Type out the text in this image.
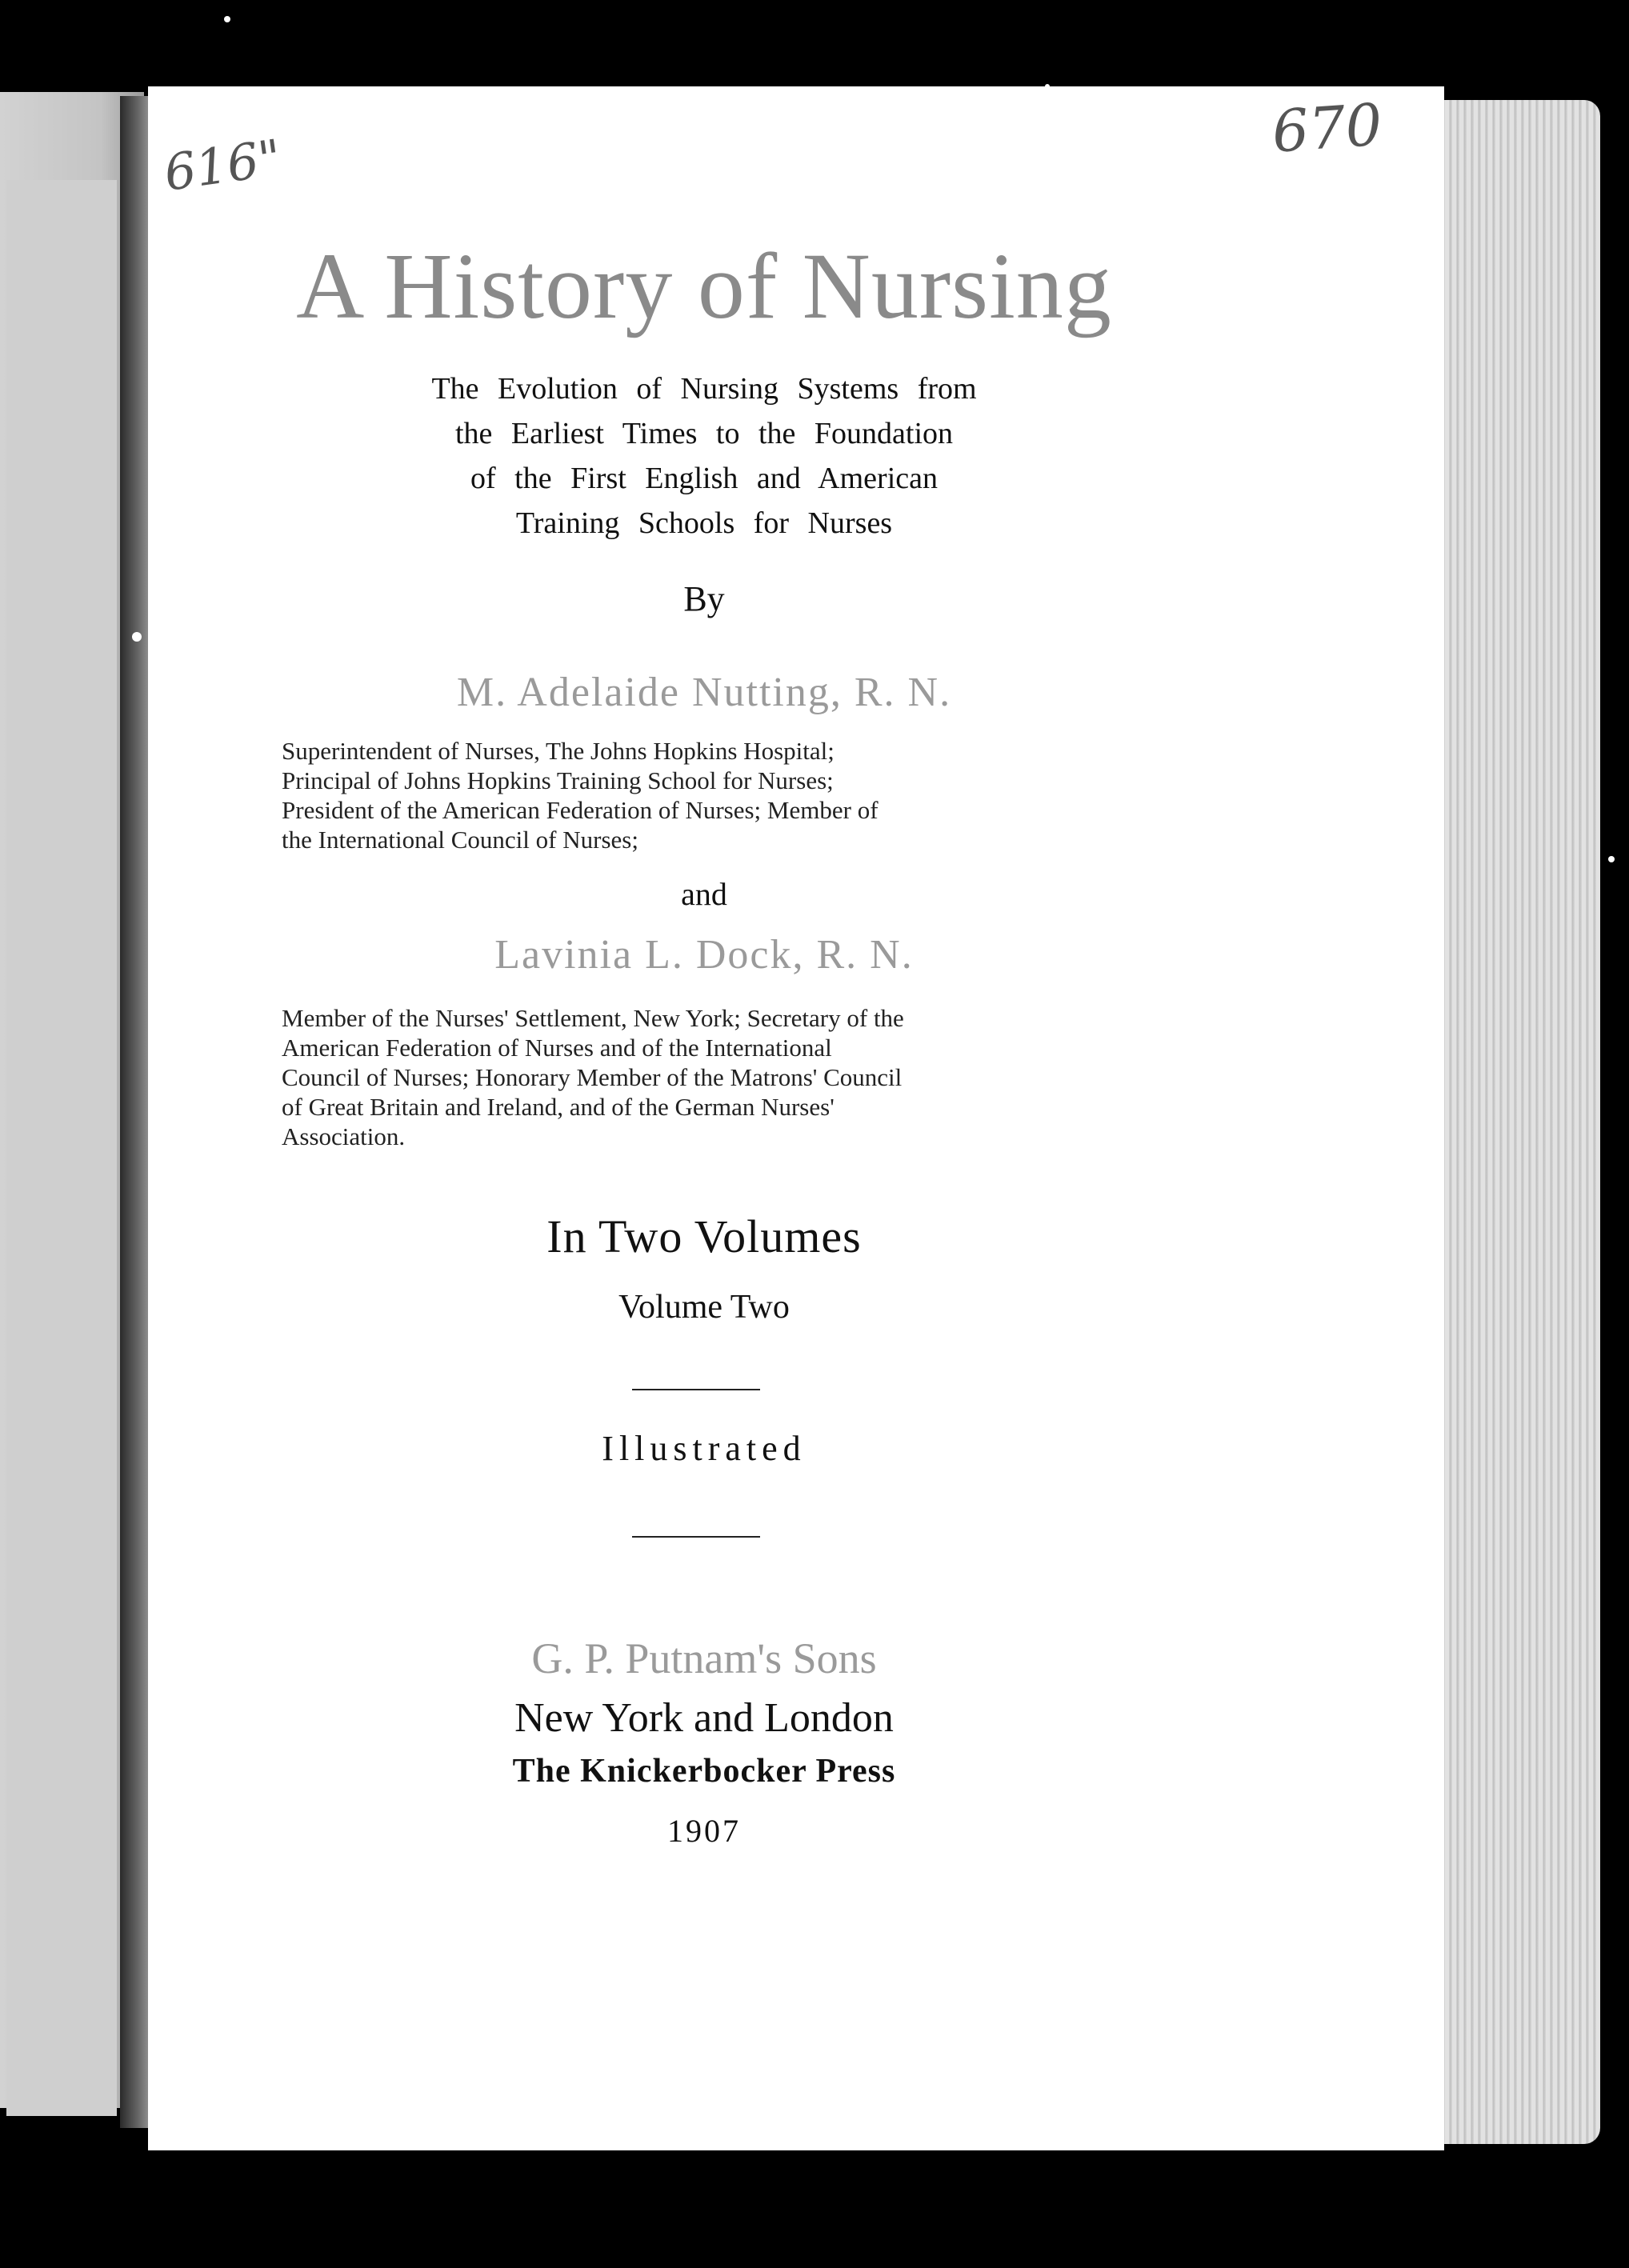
616"	670
A History of Nursing
The Evolution of Nursing Systems from
the Earliest Times to the Foundation
of the First English and American
Training Schools for Nurses
By
M. Adelaide Nutting, R. N.
Superintendent of Nurses, The Johns Hopkins Hospital;
Principal of Johns Hopkins Training School for Nurses;
President of the American Federation of Nurses; Member of
the International Council of Nurses;
and
Lavinia L. Dock, R. N.
Member of the Nurses' Settlement, New York; Secretary of the
American Federation of Nurses and of the International
Council of Nurses; Honorary Member of the Matrons' Council
of Great Britain and Ireland, and of the German Nurses'
Association.
In Two Volumes
Volume Two
Illustrated
G. P. Putnam's Sons
New York and London
The Knickerbocker Press
1907
